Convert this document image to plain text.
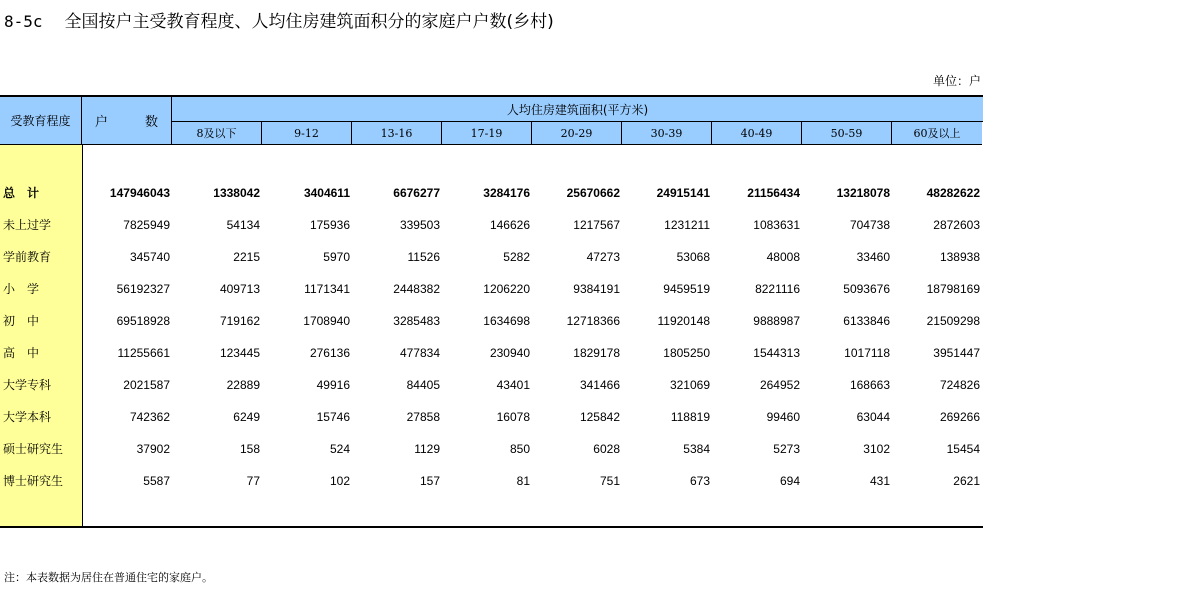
8-5c 全国按户主受教育程度、人均住房建筑面积分的家庭户户数(乡村)
单位：户
受教育程度	户　数
人均住房建筑面积(平方米)
8及以下	9-12	13-16	17-19	20-29	30-39	40-49	50-59	60及以上
总　计	147946043	1338042	3404611	6676277	3284176	25670662	24915141	21156434	13218078	48282622
未上过学	7825949	54134	175936	339503	146626	1217567	1231211	1083631	704738	2872603
学前教育	345740	2215	5970	11526	5282	47273	53068	48008	33460	138938
小　学	56192327	409713	1171341	2448382	1206220	9384191	9459519	8221116	5093676	18798169
初　中	69518928	719162	1708940	3285483	1634698	12718366	11920148	9888987	6133846	21509298
高　中	11255661	123445	276136	477834	230940	1829178	1805250	1544313	1017118	3951447
大学专科	2021587	22889	49916	84405	43401	341466	321069	264952	168663	724826
大学本科	742362	6249	15746	27858	16078	125842	118819	99460	63044	269266
硕士研究生	37902	158	524	1129	850	6028	5384	5273	3102	15454
博士研究生	5587	77	102	157	81	751	673	694	431	2621
注：本表数据为居住在普通住宅的家庭户。
